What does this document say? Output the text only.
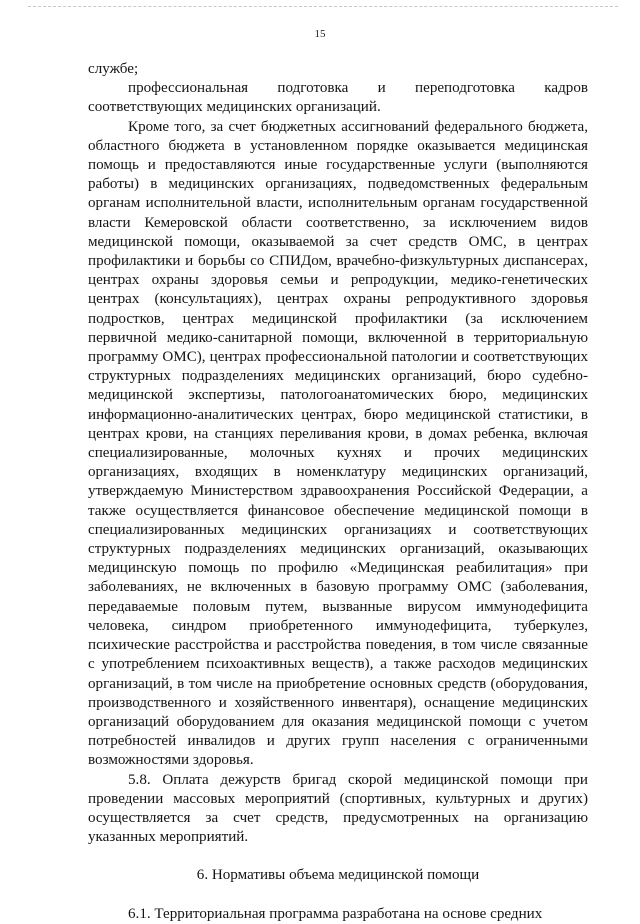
15

службе;

профессиональная подготовка и переподготовка кадров соответствующих медицинских организаций.

Кроме того, за счет бюджетных ассигнований федерального бюджета, областного бюджета в установленном порядке оказывается медицинская помощь и предоставляются иные государственные услуги (выполняются работы) в медицинских организациях, подведомственных федеральным органам исполнительной власти, исполнительным органам государственной власти Кемеровской области соответственно, за исключением видов медицинской помощи, оказываемой за счет средств ОМС, в центрах профилактики и борьбы со СПИДом, врачебно-физкультурных диспансерах, центрах охраны здоровья семьи и репродукции, медико-генетических центрах (консультациях), центрах охраны репродуктивного здоровья подростков, центрах медицинской профилактики (за исключением первичной медико-санитарной помощи, включенной в территориальную программу ОМС), центрах профессиональной патологии и соответствующих структурных подразделениях медицинских организаций, бюро судебно-медицинской экспертизы, патологоанатомических бюро, медицинских информационно-аналитических центрах, бюро медицинской статистики, в центрах крови, на станциях переливания крови, в домах ребенка, включая специализированные, молочных кухнях и прочих медицинских организациях, входящих в номенклатуру медицинских организаций, утверждаемую Министерством здравоохранения Российской Федерации, а также осуществляется финансовое обеспечение медицинской помощи в специализированных медицинских организациях и соответствующих структурных подразделениях медицинских организаций, оказывающих медицинскую помощь по профилю «Медицинская реабилитация» при заболеваниях, не включенных в базовую программу ОМС (заболевания, передаваемые половым путем, вызванные вирусом иммунодефицита человека, синдром приобретенного иммунодефицита, туберкулез, психические расстройства и расстройства поведения, в том числе связанные с употреблением психоактивных веществ), а также расходов медицинских организаций, в том числе на приобретение основных средств (оборудования, производственного и хозяйственного инвентаря), оснащение медицинских организаций оборудованием для оказания медицинской помощи с учетом потребностей инвалидов и других групп населения с ограниченными возможностями здоровья.

5.8. Оплата дежурств бригад скорой медицинской помощи при проведении массовых мероприятий (спортивных, культурных и других) осуществляется за счет средств, предусмотренных на организацию указанных мероприятий.

6. Нормативы объема медицинской помощи

6.1. Территориальная программа разработана на основе средних
